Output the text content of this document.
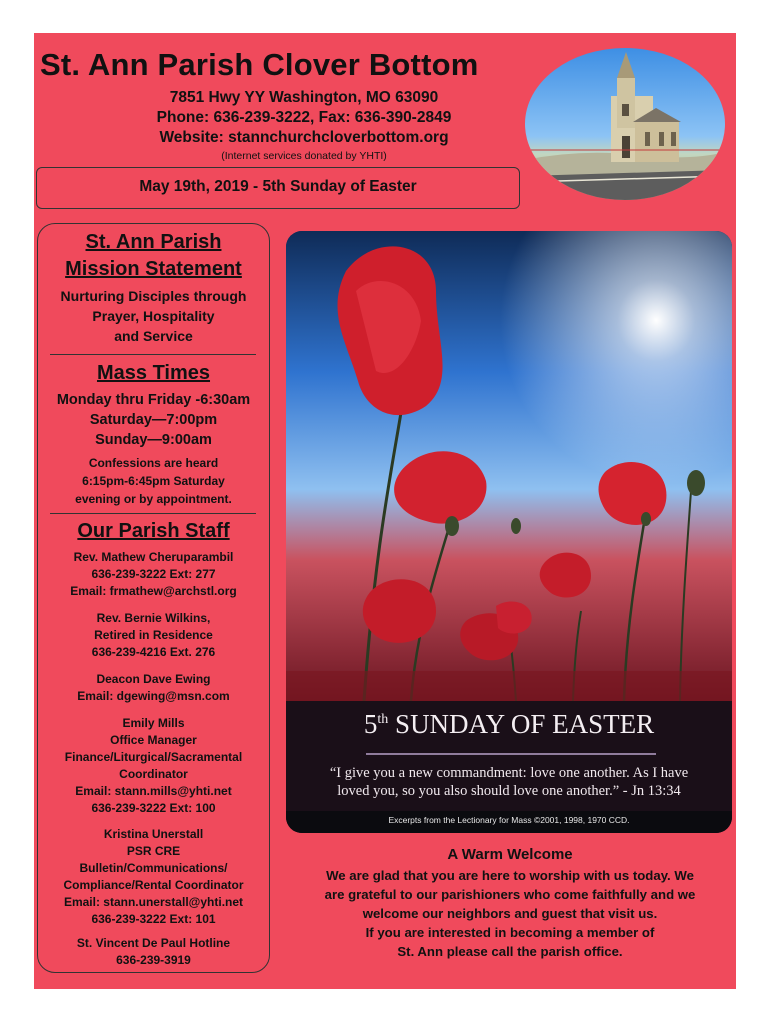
St. Ann Parish Clover Bottom
7851 Hwy YY Washington, MO 63090
Phone: 636-239-3222, Fax: 636-390-2849
Website: stannchurchcloverbottom.org
(Internet services donated by YHTI)
May 19th, 2019 - 5th Sunday of Easter
St. Ann Parish
Mission Statement
Nurturing Disciples through
Prayer, Hospitality
and Service
Mass Times
Monday thru Friday -6:30am
Saturday—7:00pm
Sunday—9:00am
Confessions are heard
6:15pm-6:45pm Saturday
evening or by appointment.
Our Parish Staff
Rev. Mathew Cheruparambil
636-239-3222 Ext: 277
Email: frmathew@archstl.org
Rev. Bernie Wilkins,
Retired in Residence
636-239-4216 Ext. 276
Deacon Dave Ewing
Email: dgewing@msn.com
Emily Mills
Office Manager
Finance/Liturgical/Sacramental
Coordinator
Email: stann.mills@yhti.net
636-239-3222 Ext: 100
Kristina Unerstall
PSR CRE
Bulletin/Communications/
Compliance/Rental Coordinator
Email: stann.unerstall@yhti.net
636-239-3222 Ext: 101
St. Vincent De Paul Hotline
636-239-3919
5th SUNDAY OF EASTER
“I give you a new commandment: love one another. As I have
loved you, so you also should love one another.” - Jn 13:34
Excerpts from the Lectionary for Mass ©2001, 1998, 1970 CCD.
A Warm Welcome
We are glad that you are here to worship with us today. We
are grateful to our parishioners who come faithfully and we
welcome our neighbors and guest that visit us.
If you are interested in becoming a member of
St. Ann please call the parish office.
